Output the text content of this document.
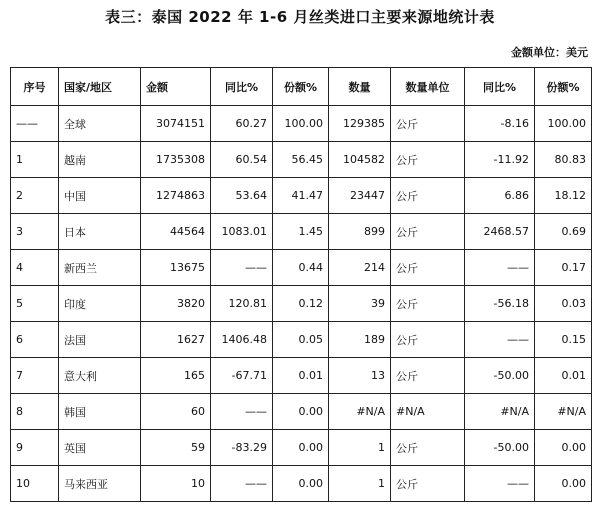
表三：泰国 2022 年 1-6 月丝类进口主要来源地统计表
金额单位：美元
序号	国家/地区	金额	同比%	份额%	数量	数量单位	同比%	份额%
——	全球	3074151	60.27	100.00	129385	公斤	-8.16	100.00
1	越南	1735308	60.54	56.45	104582	公斤	-11.92	80.83
2	中国	1274863	53.64	41.47	23447	公斤	6.86	18.12
3	日本	44564	1083.01	1.45	899	公斤	2468.57	0.69
4	新西兰	13675	——	0.44	214	公斤	——	0.17
5	印度	3820	120.81	0.12	39	公斤	-56.18	0.03
6	法国	1627	1406.48	0.05	189	公斤	——	0.15
7	意大利	165	-67.71	0.01	13	公斤	-50.00	0.01
8	韩国	60	——	0.00	#N/A	#N/A	#N/A	#N/A
9	英国	59	-83.29	0.00	1	公斤	-50.00	0.00
10	马来西亚	10	——	0.00	1	公斤	——	0.00
